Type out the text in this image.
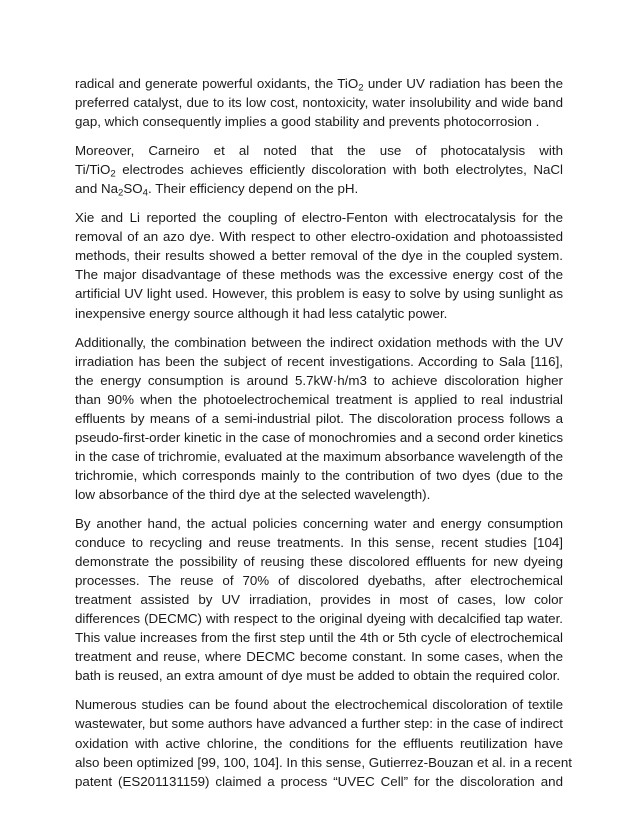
radical and generate powerful oxidants, the TiO$_2$ under UV radiation has been the
preferred catalyst, due to its low cost, nontoxicity, water insolubility and wide band
gap, which consequently implies a good stability and prevents photocorrosion .
Moreover, Carneiro et al noted that the use of photocatalysis with
Ti/TiO$_2$ electrodes achieves efficiently discoloration with both electrolytes, NaCl
and $Na_2SO_4$. Their efficiency depend on the pH.
Xie and Li reported the coupling of electro-Fenton with electrocatalysis for the
removal of an azo dye. With respect to other electro-oxidation and photoassisted
methods, their results showed a better removal of the dye in the coupled system.
The major disadvantage of these methods was the excessive energy cost of the
artificial UV light used. However, this problem is easy to solve by using sunlight as
inexpensive energy source although it had less catalytic power.
Additionally, the combination between the indirect oxidation methods with the UV
irradiation has been the subject of recent investigations. According to Sala [116],
the energy consumption is around 5.7kW·h/m3 to achieve discoloration higher
than 90% when the photoelectrochemical treatment is applied to real industrial
effluents by means of a semi-industrial pilot. The discoloration process follows a
pseudo-first-order kinetic in the case of monochromies and a second order kinetics
in the case of trichromie, evaluated at the maximum absorbance wavelength of the
trichromie, which corresponds mainly to the contribution of two dyes (due to the
low absorbance of the third dye at the selected wavelength).
By another hand, the actual policies concerning water and energy consumption
conduce to recycling and reuse treatments. In this sense, recent studies [104]
demonstrate the possibility of reusing these discolored effluents for new dyeing
processes. The reuse of 70% of discolored dyebaths, after electrochemical
treatment assisted by UV irradiation, provides in most of cases, low color
differences (DECMC) with respect to the original dyeing with decalcified tap water.
This value increases from the first step until the 4th or 5th cycle of electrochemical
treatment and reuse, where DECMC become constant. In some cases, when the
bath is reused, an extra amount of dye must be added to obtain the required color.
Numerous studies can be found about the electrochemical discoloration of textile
wastewater, but some authors have advanced a further step: in the case of indirect
oxidation with active chlorine, the conditions for the effluents reutilization have
also been optimized [99, 100, 104]. In this sense, Gutierrez-Bouzan et al. in a recent
patent (ES201131159) claimed a process “UVEC Cell” for the discoloration and
